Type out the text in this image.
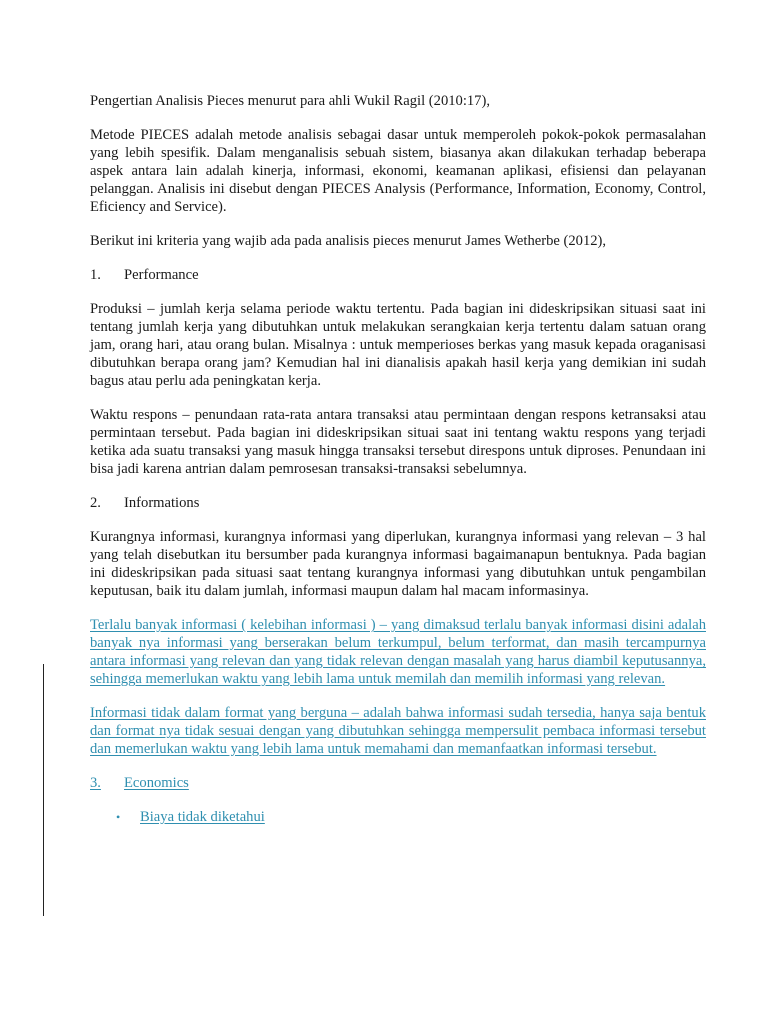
Pengertian Analisis Pieces menurut para ahli Wukil Ragil (2010:17),

Metode PIECES adalah metode analisis sebagai dasar untuk memperoleh pokok-pokok permasalahan yang lebih spesifik. Dalam menganalisis sebuah sistem, biasanya akan dilakukan terhadap beberapa aspek antara lain adalah kinerja, informasi, ekonomi, keamanan aplikasi, efisiensi dan pelayanan pelanggan. Analisis ini disebut dengan PIECES Analysis (Performance, Information, Economy, Control, Eficiency and Service).

Berikut ini kriteria yang wajib ada pada analisis pieces menurut James Wetherbe (2012),

1.	Performance

Produksi – jumlah kerja selama periode waktu tertentu. Pada bagian ini dideskripsikan situasi saat ini tentang jumlah kerja yang dibutuhkan untuk melakukan serangkaian kerja tertentu dalam satuan orang jam, orang hari, atau orang bulan. Misalnya : untuk memperioses berkas yang masuk kepada oraganisasi dibutuhkan berapa orang jam? Kemudian hal ini dianalisis apakah hasil kerja yang demikian ini sudah bagus atau perlu ada peningkatan kerja.

Waktu respons – penundaan rata-rata antara transaksi atau permintaan dengan respons ketransaksi atau permintaan tersebut. Pada bagian ini dideskripsikan situai saat ini tentang waktu respons yang terjadi ketika ada suatu transaksi yang masuk hingga transaksi tersebut direspons untuk diproses. Penundaan ini bisa jadi karena antrian dalam pemrosesan transaksi-transaksi sebelumnya.

2.	Informations

Kurangnya informasi, kurangnya informasi yang diperlukan, kurangnya informasi yang relevan – 3 hal yang telah disebutkan itu bersumber pada kurangnya informasi bagaimanapun bentuknya. Pada bagian ini dideskripsikan pada situasi saat tentang kurangnya informasi yang dibutuhkan untuk pengambilan keputusan, baik itu dalam jumlah, informasi maupun dalam hal macam informasinya.

Terlalu banyak informasi ( kelebihan informasi ) – yang dimaksud terlalu banyak informasi disini adalah banyak nya informasi yang berserakan belum terkumpul, belum terformat, dan masih tercampurnya antara informasi yang relevan dan yang tidak relevan dengan masalah yang harus diambil keputusannya, sehingga memerlukan waktu yang lebih lama untuk memilah dan memilih informasi yang relevan.

Informasi tidak dalam format yang berguna – adalah bahwa informasi sudah tersedia, hanya saja bentuk dan format nya tidak sesuai dengan yang dibutuhkan sehingga mempersulit pembaca informasi tersebut dan memerlukan waktu yang lebih lama untuk memahami dan memanfaatkan informasi tersebut.

3.	Economics
•	Biaya tidak diketahui
